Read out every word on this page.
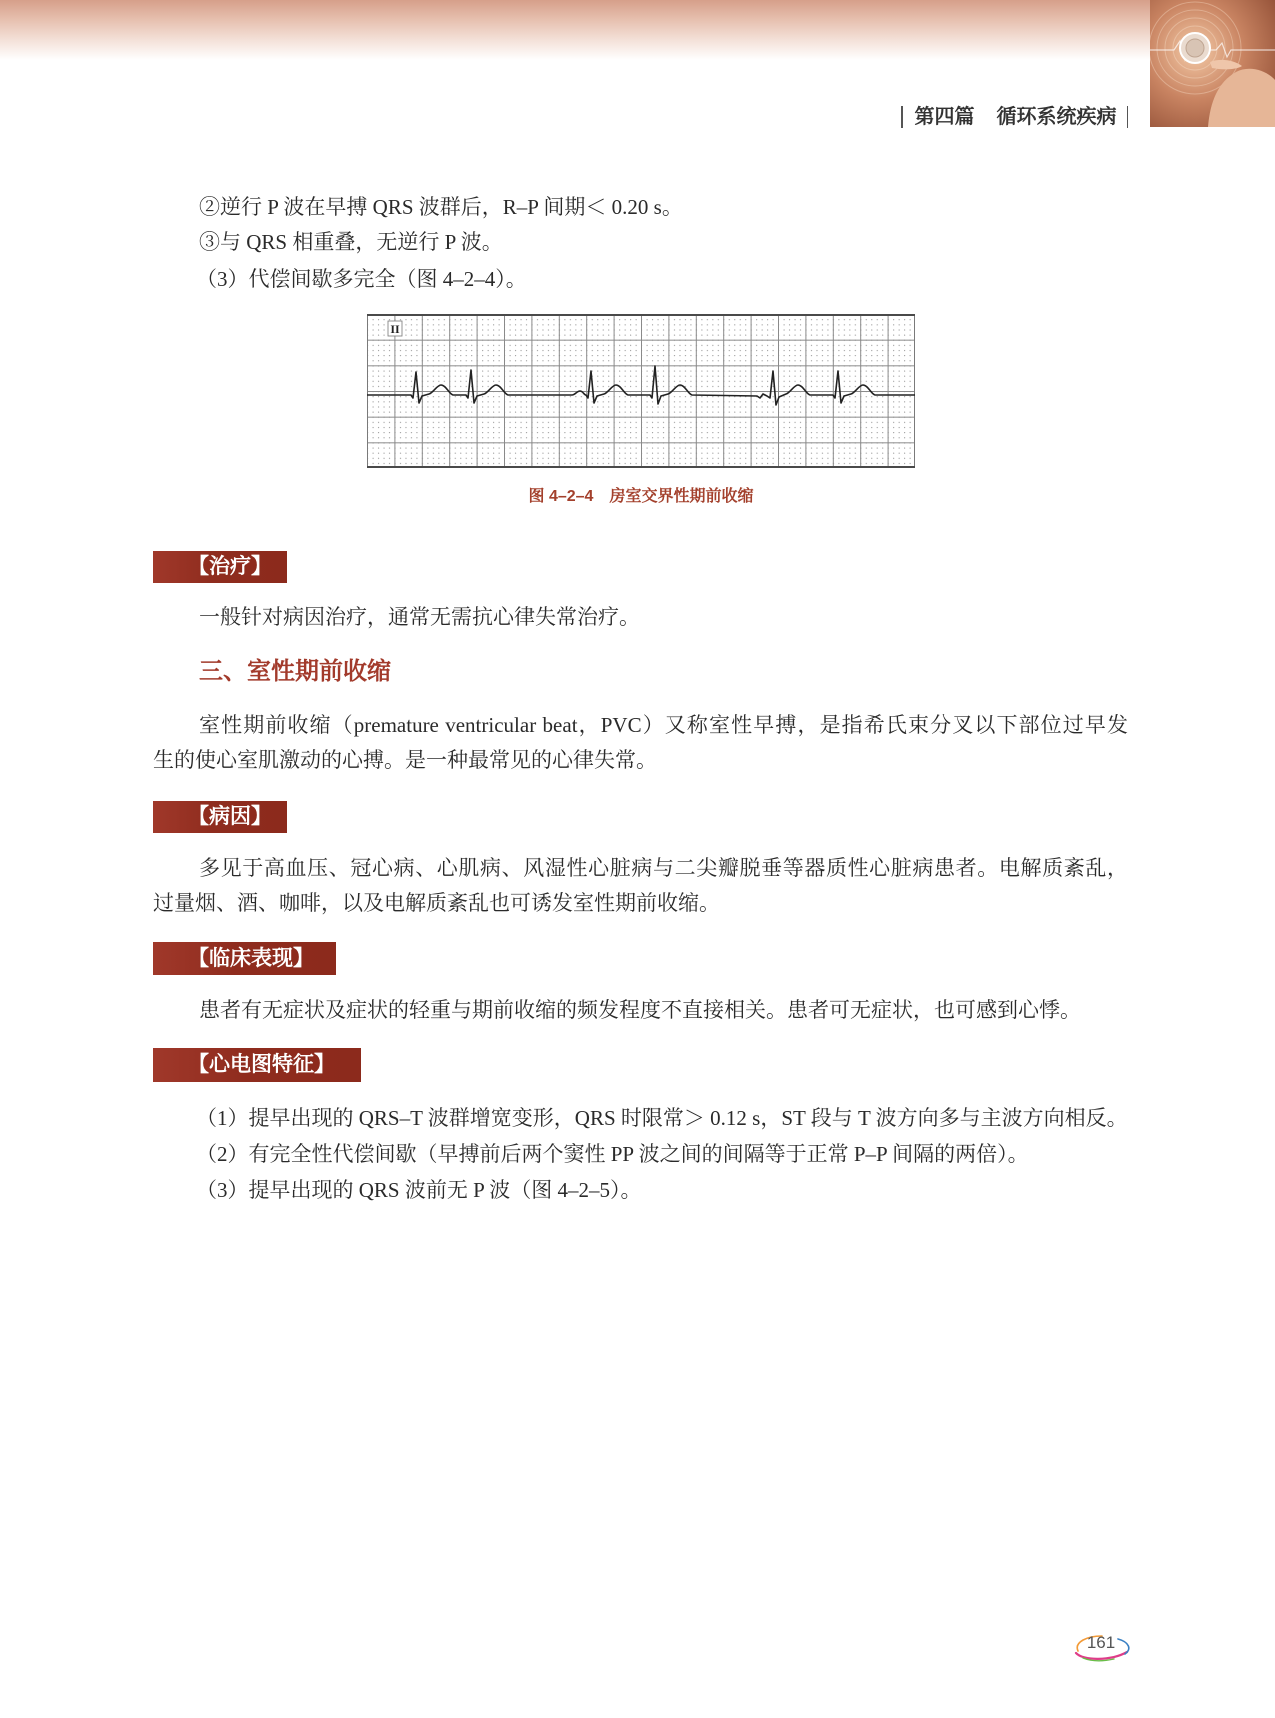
第四篇 循环系统疾病
②逆行 P 波在早搏 QRS 波群后，R–P 间期＜ 0.20 s。
③与 QRS 相重叠，无逆行 P 波。
（3）代偿间歇多完全（图 4–2–4）。
II
图 4–2–4　房室交界性期前收缩
【治疗】
一般针对病因治疗，通常无需抗心律失常治疗。
三、室性期前收缩
室性期前收缩（premature ventricular beat，PVC）又称室性早搏，是指希氏束分叉以下部位过早发
生的使心室肌激动的心搏。是一种最常见的心律失常。
【病因】
多见于高血压、冠心病、心肌病、风湿性心脏病与二尖瓣脱垂等器质性心脏病患者。电解质紊乱，
过量烟、酒、咖啡，以及电解质紊乱也可诱发室性期前收缩。
【临床表现】
患者有无症状及症状的轻重与期前收缩的频发程度不直接相关。患者可无症状，也可感到心悸。
【心电图特征】
（1）提早出现的 QRS–T 波群增宽变形，QRS 时限常＞ 0.12 s，ST 段与 T 波方向多与主波方向相反。
（2）有完全性代偿间歇（早搏前后两个窦性 PP 波之间的间隔等于正常 P–P 间隔的两倍）。
（3）提早出现的 QRS 波前无 P 波（图 4–2–5）。
161
